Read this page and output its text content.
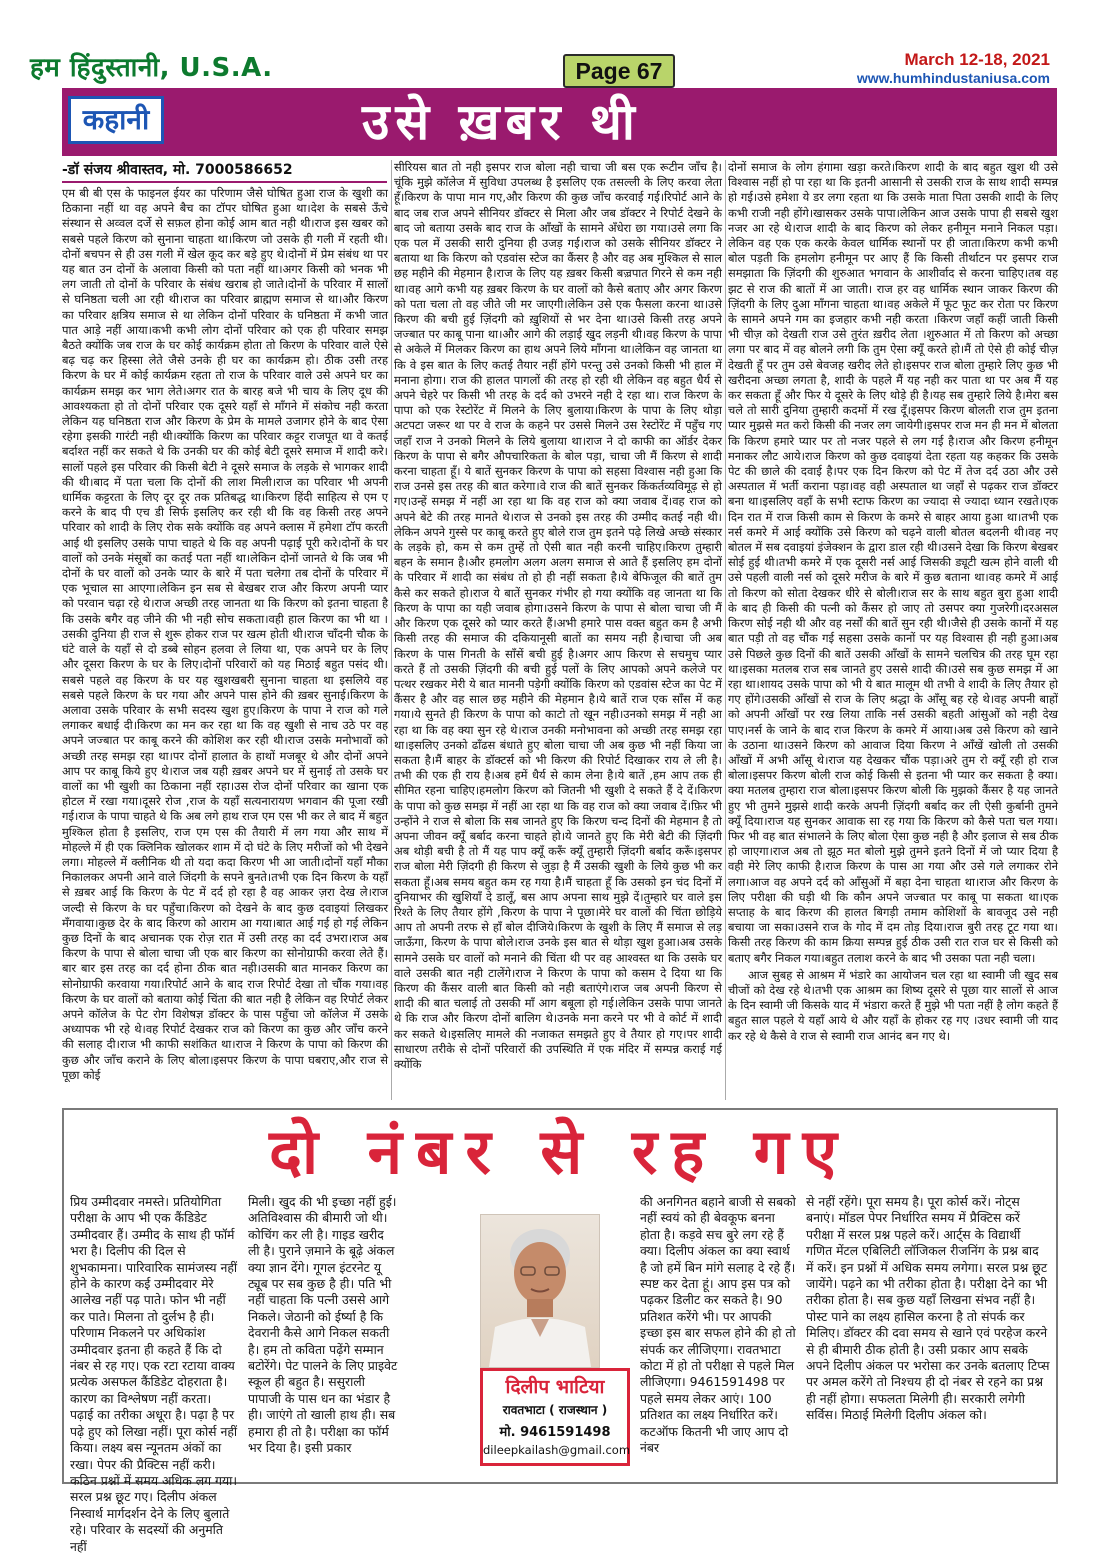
हम हिंदुस्तानी, U.S.A.	Page 67	March 12-18, 2021
www.humhindustaniusa.com
कहानी	उसे ख़बर थी
-डॉ संजय श्रीवास्तव, मो. 7000586652
एम बी बी एस के फाइनल ईयर का परिणाम जैसे घोषित हुआ राज के खुशी का ठिकाना नहीं था वह अपने बैच का टॉपर घोषित हुआ था।देश के सबसे ऊँचे संस्थान से अव्वल दर्जे से सफ़ल होना कोई आम बात नही थी।राज इस खबर को सबसे पहले किरण को सुनाना चाहता था।किरण जो उसके ही गली में रहती थी।दोनों बचपन से ही उस गली में खेल कूद कर बड़े हुए थे।दोनों में प्रेम संबंध था पर यह बात उन दोनों के अलावा किसी को पता नहीं था।अगर किसी को भनक भी लग जाती तो दोनों के परिवार के संबंध खराब हो जाते।दोनों के परिवार में सालों से घनिष्ठता चली आ रही थी।राज का परिवार ब्राह्मण समाज से था।और किरण का परिवार क्षत्रिय समाज से था लेकिन दोनों परिवार के घनिष्ठता में कभी जात पात आड़े नहीं आया।कभी कभी लोग दोनों परिवार को एक ही परिवार समझ बैठते क्योंकि जब राज के घर कोई कार्यक्रम होता तो किरण के परिवार वाले ऐसे बढ़ चढ़ कर हिस्सा लेते जैसे उनके ही घर का कार्यक्रम हो। ठीक उसी तरह किरण के घर में कोई कार्यक्रम रहता तो राज के परिवार वाले उसे अपने घर का कार्यक्रम समझ कर भाग लेते।अगर रात के बारह बजे भी चाय के लिए दूध की आवश्यकता हो तो दोनों परिवार एक दूसरे यहाँ से माँगने में संकोच नही करता लेकिन यह घनिष्ठता राज और किरण के प्रेम के मामले उजागर होने के बाद ऐसा रहेगा इसकी गारंटी नही थी।क्योंकि किरण का परिवार कट्टर राजपूत था वे कतई बर्दाश्त नहीं कर सकते थे कि उनकी घर की कोई बेटी दूसरे समाज में शादी करे।सालों पहले इस परिवार की किसी बेटी ने दूसरे समाज के लड़के से भागकर शादी की थी।बाद में पता चला कि दोनों की लाश मिली।राज का परिवार भी अपनी धार्मिक कट्टरता के लिए दूर दूर तक प्रतिबद्ध था।किरण हिंदी साहित्य से एम ए करने के बाद पी एच डी सिर्फ इसलिए कर रही थी कि वह किसी तरह अपने परिवार को शादी के लिए रोक सके क्योंकि वह अपने क्लास में हमेशा टॉप करती आई थी इसलिए उसके पापा चाहते थे कि वह अपनी पढ़ाई पूरी करे।दोनों के घर वालों को उनके मंसूबों का कतई पता नहीं था।लेकिन दोनों जानते थे कि जब भी दोनों के घर वालों को उनके प्यार के बारे में पता चलेगा तब दोनों के परिवार में एक भूचाल सा आएगा।लेकिन इन सब से बेखबर राज और किरण अपनी प्यार को परवान चढ़ा रहे थे।राज अच्छी तरह जानता था कि किरण को इतना चाहता है कि उसके बगैर वह जीने की भी नही सोच सकता।वही हाल किरण का भी था ।उसकी दुनिया ही राज से शुरू होकर राज पर खत्म होती थी।राज चाँदनी चौक के घंटे वाले के यहाँ से दो डब्बे सोहन हलवा ले लिया था, एक अपने घर के लिए और दूसरा किरण के घर के लिए।दोनों परिवारों को यह मिठाई बहुत पसंद थी।सबसे पहले वह किरण के घर यह खुशखबरी सुनाना चाहता था इसलिये वह सबसे पहले किरण के घर गया और अपने पास होने की ख़बर सुनाई।किरण के अलावा उसके परिवार के सभी सदस्य खुश हुए।किरण के पापा ने राज को गले लगाकर बधाई दी।किरण का मन कर रहा था कि वह खुशी से नाच उठे पर वह अपने जज्बात पर काबू करने की कोशिश कर रही थी।राज उसके मनोभावों को अच्छी तरह समझ रहा था।पर दोनों हालात के हाथों मजबूर थे और दोनों अपने आप पर काबू किये हुए थे।राज जब यही ख़बर अपने घर में सुनाई तो उसके घर वालों का भी खुशी का ठिकाना नहीं रहा।उस रोज दोनों परिवार का खाना एक होटल में रखा गया।दूसरे रोज ,राज के यहाँ सत्यनारायण भगवान की पूजा रखी गई।राज के पापा चाहते थे कि अब लगे हाथ राज एम एस भी कर ले बाद में बहुत मुश्किल होता है इसलिए, राज एम एस की तैयारी में लग गया और साथ में मोहल्ले में ही एक क्लिनिक खोलकर शाम में दो घंटे के लिए मरीजों को भी देखने लगा। मोहल्ले में क्लीनिक थी तो यदा कदा किरण भी आ जाती।दोनों यहाँ मौका निकालकर अपनी आने वाले जिंदगी के सपने बुनते।तभी एक दिन किरण के यहाँ से ख़बर आई कि किरण के पेट में दर्द हो रहा है वह आकर ज़रा देख ले।राज जल्दी से किरण के घर पहुँचा।किरण को देखने के बाद कुछ दवाइयां लिखकर मँगवाया।कुछ देर के बाद किरण को आराम आ गया।बात आई गई हो गई लेकिन कुछ दिनों के बाद अचानक एक रोज़ रात में उसी तरह का दर्द उभरा।राज अब किरण के पापा से बोला चाचा जी एक बार किरण का सोनोग्राफी करवा लेते हैं।बार बार इस तरह का दर्द होना ठीक बात नही।उसकी बात मानकर किरण का सोनोग्राफी करवाया गया।रिपोर्ट आने के बाद राज रिपोर्ट देखा तो चौंक गया।वह किरण के घर वालों को बताया कोई चिंता की बात नही है लेकिन वह रिपोर्ट लेकर अपने कॉलेज के पेट रोग विशेषज्ञ डॉक्टर के पास पहुँचा जो कॉलेज में उसके अध्यापक भी रहे थे।वह रिपोर्ट देखकर राज को किरण का कुछ और जाँच करने की सलाह दी।राज भी काफी सशंकित था।राज ने किरण के पापा को किरण की कुछ और जाँच कराने के लिए बोला।इसपर किरण के पापा घबराए,और राज से पूछा कोई
सीरियस बात तो नही इसपर राज बोला नही चाचा जी बस एक रूटीन जाँच है।चूंकि मुझे कॉलेज में सुविधा उपलब्ध है इसलिए एक तसल्ली के लिए करवा लेता हूँ।किरण के पापा मान गए,और किरण की कुछ जाँच करवाई गई।रिपोर्ट आने के बाद जब राज अपने सीनियर डॉक्टर से मिला और जब डॉक्टर ने रिपोर्ट देखने के बाद जो बताया उसके बाद राज के आँखों के सामने अँधेरा छा गया।उसे लगा कि एक पल में उसकी सारी दुनिया ही उजड़ गई।राज को उसके सीनियर डॉक्टर ने बताया था कि किरण को एडवांस स्टेज का कैंसर है और वह अब मुश्किल से साल छह महीने की मेहमान है।राज के लिए यह ख़बर किसी बज़्रपात गिरने से कम नही था।वह आगे कभी यह ख़बर किरण के घर वालों को कैसे बताए और अगर किरण को पता चला तो वह जीते जी मर जाएगी।लेकिन उसे एक फैसला करना था।उसे किरण की बची हुई ज़िंदगी को ख़ुशियों से भर देना था।उसे किसी तरह अपने जज्बात पर काबू पाना था।और आगे की लड़ाई खुद लड़नी थी।वह किरण के पापा से अकेले में मिलकर किरण का हाथ अपने लिये माँगना था।लेकिन वह जानता था कि वे इस बात के लिए कतई तैयार नहीं होंगे परन्तु उसे उनको किसी भी हाल में मनाना होगा। राज की हालत पागलों की तरह हो रही थी लेकिन वह बहुत धैर्य से अपने चेहरे पर किसी भी तरह के दर्द को उभरने नही दे रहा था। राज किरण के पापा को एक रेस्टोरेंट में मिलने के लिए बुलाया।किरण के पापा के लिए थोड़ा अटपटा जरूर था पर वे राज के कहने पर उससे मिलने उस रेस्टोरेंट में पहुँच गए जहाँ राज ने उनको मिलने के लिये बुलाया था।राज ने दो काफी का ऑर्डर देकर किरण के पापा से बगैर औपचारिकता के बोल पड़ा, चाचा जी मैं किरण से शादी करना चाहता हूँ। ये बातें सुनकर किरण के पापा को सहसा विश्वास नही हुआ कि राज उनसे इस तरह की बात करेगा।वे राज की बातें सुनकर किंकर्तव्यविमूढ़ से हो गए।उन्हें समझ में नहीं आ रहा था कि वह राज को क्या जवाब दें।वह राज को अपने बेटे की तरह मानते थे।राज से उनको इस तरह की उम्मीद कतई नही थी।लेकिन अपने गुस्से पर काबू करते हुए बोले राज तुम इतने पढ़े लिखे अच्छे संस्कार के लड़के हो, कम से कम तुम्हें तो ऐसी बात नही करनी चाहिए।किरण तुम्हारी बहन के समान है।और हमलोग अलग अलग समाज से आते हैं इसलिए हम दोनों के परिवार में शादी का संबंध तो हो ही नहीं सकता है।ये बेफिजूल की बातें तुम कैसे कर सकते हो।राज ये बातें सुनकर गंभीर हो गया क्योंकि वह जानता था कि किरण के पापा का यही जवाब होगा।उसने किरण के पापा से बोला चाचा जी मैं और किरण एक दूसरे को प्यार करते हैं।अभी हमारे पास वक्त बहुत कम है अभी किसी तरह की समाज की दकियानूसी बातों का समय नही है।चाचा जी अब किरण के पास गिनती के साँसें बची हुई है।अगर आप किरण से सचमुच प्यार करते हैं तो उसकी ज़िंदगी की बची हुई पलों के लिए आपको अपने कलेजे पर पत्थर रखकर मेरी ये बात माननी पड़ेगी क्योंकि किरण को एडवांस स्टेज का पेट में कैंसर है और वह साल छह महीने की मेहमान है।ये बातें राज एक साँस में कह गया।ये सुनते ही किरण के पापा को काटो तो खून नही।उनको समझ में नही आ रहा था कि वह क्या सुन रहे थे।राज उनकी मनोभावना को अच्छी तरह समझ रहा था।इसलिए उनको ढाँढस बंधाते हुए बोला चाचा जी अब कुछ भी नहीं किया जा सकता है।मैं बाहर के डॉक्टर्स को भी किरण की रिपोर्ट दिखाकर राय ले ली है।तभी की एक ही राय है।अब हमें धैर्य से काम लेना है।ये बातें ,हम आप तक ही सीमित रहना चाहिए।हमलोग किरण को जितनी भी खुशी दे सकते हैं दे दें।किरण के पापा को कुछ समझ में नहीं आ रहा था कि वह राज को क्या जवाब दें।फ़िर भी उन्होंने ने राज से बोला कि सब जानते हुए कि किरण चन्द दिनों की मेहमान है तो अपना जीवन क्यूँ बर्बाद करना चाहते हो।ये जानते हुए कि मेरी बेटी की ज़िंदगी अब थोड़ी बची है तो मैं यह पाप क्यूँ करूँ क्यूँ तुम्हारी ज़िंदगी बर्बाद करूँ।इसपर राज बोला मेरी ज़िंदगी ही किरण से जुड़ा है मैं उसकी खुशी के लिये कुछ भी कर सकता हूँ।अब समय बहुत कम रह गया है।मैं चाहता हूँ कि उसको इन चंद दिनों में दुनियाभर की खुशियाँ दे डालूँ, बस आप अपना साथ मुझे दें।तुम्हारे घर वाले इस रिश्ते के लिए तैयार होंगे ,किरण के पापा ने पूछा।मेरे घर वालों की चिंता छोड़िये आप तो अपनी तरफ से हाँ बोल दीजिये।किरण के खुशी के लिए मैं समाज से लड़ जाऊँगा, किरण के पापा बोले।राज उनके इस बात से थोड़ा खुश हुआ।अब उसके सामने उसके घर वालों को मनाने की चिंता थी पर वह आश्वस्त था कि उसके घर वाले उसकी बात नही टालेंगे।राज ने किरण के पापा को कसम दे दिया था कि किरण की कैंसर वाली बात किसी को नही बताएंगे।राज जब अपनी किरण से शादी की बात चलाई तो उसकी माँ आग बबूला हो गई।लेकिन उसके पापा जानते थे कि राज और किरण दोनों बालिग थे।उनके मना करने पर भी वे कोर्ट में शादी कर सकते थे।इसलिए मामले की नजाकत समझते हुए वे तैयार हो गए।पर शादी साधारण तरीके से दोनों परिवारों की उपस्थिति में एक मंदिर में सम्पन्न कराई गई क्योंकि
दोनों समाज के लोग हंगामा खड़ा करते।किरण शादी के बाद बहुत खुश थी उसे विश्वास नहीं हो पा रहा था कि इतनी आसानी से उसकी राज के साथ शादी सम्पन्न हो गई।उसे हमेशा ये डर लगा रहता था कि उसके माता पिता उसकी शादी के लिए कभी राजी नही होंगे।खासकर उसके पापा।लेकिन आज उसके पापा ही सबसे खुश नजर आ रहे थे।राज शादी के बाद किरण को लेकर हनीमून मनाने निकल पड़ा।लेकिन वह एक एक करके केवल धार्मिक स्थानों पर ही जाता।किरण कभी कभी बोल पड़ती कि हमलोग हनीमून पर आए हैं कि किसी तीर्थाटन पर इसपर राज समझाता कि ज़िंदगी की शुरुआत भगवान के आशीर्वाद से करना चाहिए।तब वह झट से राज की बातों में आ जाती। राज हर वह धार्मिक स्थान जाकर किरण की ज़िंदगी के लिए दुआ माँगना चाहता था।वह अकेले में फूट फूट कर रोता पर किरण के सामने अपने गम का इजहार कभी नही करता ।किरण जहाँ कहीं जाती किसी भी चीज़ को देखती राज उसे तुरंत ख़रीद लेता ।शुरुआत में तो किरण को अच्छा लगा पर बाद में वह बोलने लगी कि तुम ऐसा क्यूँ करते हो।मैं तो ऐसे ही कोई चीज़ देखती हूँ पर तुम उसे बेवजह खरीद लेते हो।इसपर राज बोला तुम्हारे लिए कुछ भी खरीदना अच्छा लगता है, शादी के पहले मैं यह नही कर पाता था पर अब मैं यह कर सकता हूँ और फिर ये दूसरे के लिए थोड़े ही है।यह सब तुम्हारे लिये है।मेरा बस चले तो सारी दुनिया तुम्हारी कदमों में रख दूँ।इसपर किरण बोलती राज तुम इतना प्यार मुझसे मत करो किसी की नजर लग जायेगी।इसपर राज मन ही मन में बोलता कि किरण हमारे प्यार पर तो नजर पहले से लग गई है।राज और किरण हनीमून मनाकर लौट आये।राज किरण को कुछ दवाइयां देता रहता यह कहकर कि उसके पेट की छाले की दवाई है।पर एक दिन किरण को पेट में तेज दर्द उठा और उसे अस्पताल में भर्ती कराना पड़ा।वह वही अस्पताल था जहाँ से पढ़कर राज डॉक्टर बना था।इसलिए वहाँ के सभी स्टाफ किरण का ज्यादा से ज्यादा ध्यान रखते।एक दिन रात में राज किसी काम से किरण के कमरे से बाहर आया हुआ था।तभी एक नर्स कमरे में आई क्योंकि उसे किरण को चढ़ने वाली बोतल बदलनी थी।वह नए बोतल में सब दवाइयां इंजेक्शन के द्वारा डाल रही थी।उसने देखा कि किरण बेखबर सोई हुई थी।तभी कमरे में एक दूसरी नर्स आई जिसकी ड्यूटी खत्म होने वाली थी उसे पहली वाली नर्स को दूसरे मरीज के बारे में कुछ बताना था।वह कमरे में आई तो किरण को सोता देखकर धीरे से बोली।राज सर के साथ बहुत बुरा हुआ शादी के बाद ही किसी की पत्नी को कैंसर हो जाए तो उसपर क्या गुजरेगी।दरअसल किरण सोई नही थी और वह नर्सों की बातें सुन रही थी।जैसे ही उसके कानों में यह बात पड़ी तो वह चौंक गई सहसा उसके कानों पर यह विश्वास ही नही हुआ।अब उसे पिछले कुछ दिनों की बातें उसकी आँखों के सामने चलचित्र की तरह घूम रहा था।इसका मतलब राज सब जानते हुए उससे शादी की।उसे सब कुछ समझ में आ रहा था।शायद उसके पापा को भी ये बात मालूम थी तभी वे शादी के लिए तैयार हो गए होंगे।उसकी आँखों से राज के लिए श्रद्धा के आँसू बह रहे थे।वह अपनी बाहों को अपनी आँखों पर रख लिया ताकि नर्स उसकी बहती आंसुओं को नही देख पाए।नर्स के जाने के बाद राज किरण के कमरे में आया।अब उसे किरण को खाने के उठाना था।उसने किरण को आवाज दिया किरण ने आँखें खोली तो उसकी आँखों में अभी आँसू थे।राज यह देखकर चौंक पड़ा।अरे तुम रो क्यूँ रही हो राज बोला।इसपर किरण बोली राज कोई किसी से इतना भी प्यार कर सकता है क्या।क्या मतलब तुम्हारा राज बोला।इसपर किरण बोली कि मुझको कैंसर है यह जानते हुए भी तुमने मुझसे शादी करके अपनी ज़िंदगी बर्बाद कर ली ऐसी कुर्बानी तुमने क्यूँ दिया।राज यह सुनकर आवाक सा रह गया कि किरण को कैसे पता चल गया।फिर भी वह बात संभालने के लिए बोला ऐसा कुछ नही है और इलाज से सब ठीक हो जाएगा।राज अब तो झूठ मत बोलो मुझे तुमने इतने दिनों में जो प्यार दिया है वही मेरे लिए काफी है।राज किरण के पास आ गया और उसे गले लगाकर रोने लगा।आज वह अपने दर्द को आँसुओं में बहा देना चाहता था।राज और किरण के लिए परीक्षा की घड़ी थी कि कौन अपने जज्बात पर काबू पा सकता था।एक सप्ताह के बाद किरण की हालत बिगड़ी तमाम कोशिशों के बावजूद उसे नही बचाया जा सका।उसने राज के गोद में दम तोड़ दिया।राज बुरी तरह टूट गया था।किसी तरह किरण की काम क्रिया सम्पन्न हुई ठीक उसी रात राज घर से किसी को बताए बगैर निकल गया।बहुत तलाश करने के बाद भी उसका पता नही चला।
आज सुबह से आश्रम में भंडारे का आयोजन चल रहा था स्वामी जी खुद सब चीजों को देख रहे थे।तभी एक आश्रम का शिष्य दूसरे से पूछा यार सालों से आज के दिन स्वामी जी किसके याद में भंडारा करते हैं मुझे भी पता नहीं है लोग कहते हैं बहुत साल पहले ये यहाँ आये थे और यहाँ के होकर रह गए ।उधर स्वामी जी याद कर रहे थे कैसे वे राज से स्वामी राज आनंद बन गए थे।
दो नंबर से रह गए
प्रिय उम्मीदवार नमस्ते। प्रतियोगिता परीक्षा के आप भी एक कैंडिडेट उम्मीदवार हैं। उम्मीद के साथ ही फॉर्म भरा है। दिलीप की दिल से शुभकामना। पारिवारिक सामंजस्य नहीं होने के कारण कई उम्मीदवार मेरे आलेख नहीं पढ़ पाते। फोन भी नहीं कर पाते। मिलना तो दुर्लभ है ही। परिणाम निकलने पर अधिकांश उम्मीदवार इतना ही कहते हैं कि दो नंबर से रह गए। एक रटा रटाया वाक्य प्रत्येक असफल कैंडिडेट दोहराता है। कारण का विश्लेषण नहीं करता। पढ़ाई का तरीका अधूरा है। पढ़ा है पर पढ़े हुए को लिखा नहीं। पूरा कोर्स नहीं किया। लक्ष्य बस न्यूनतम अंकों का रखा। पेपर की प्रैक्टिस नहीं करी। कठिन प्रश्नों में समय अधिक लग गया। सरल प्रश्न छूट गए। दिलीप अंकल निस्वार्थ मार्गदर्शन देने के लिए बुलाते रहे। परिवार के सदस्यों की अनुमति नहीं
मिली। खुद की भी इच्छा नहीं हुई। अतिविश्वास की बीमारी जो थी। कोचिंग कर ली है। गाइड खरीद ली है। पुराने ज़माने के बूढ़े अंकल क्या ज्ञान देंगे। गूगल इंटरनेट यू ट्यूब पर सब कुछ है ही। पति भी नहीं चाहता कि पत्नी उससे आगे निकले। जेठानी को ईर्ष्या है कि देवरानी कैसे आगे निकल सकती है। हम तो कविता पढ़ेंगे सम्मान बटोरेंगे। पेट पालने के लिए प्राइवेट स्कूल ही बहुत है। ससुराली पापाजी के पास धन का भंडार है ही। जाएंगे तो खाली हाथ ही। सब हमारा ही तो है। परीक्षा का फॉर्म भर दिया है। इसी प्रकार
दिलीप भाटिया
रावतभाटा ( राजस्थान )
मो. 9461591498
dileepkailash@gmail.com
की अनगिनत बहाने बाजी से सबको नहीं स्वयं को ही बेवकूफ बनना होता है। कड़वे सच बुरे लग रहे हैं क्या। दिलीप अंकल का क्या स्वार्थ है जो हमें बिन मांगे सलाह दे रहे हैं। स्पष्ट कर देता हूं। आप इस पत्र को पढ़कर डिलीट कर सकते है। 90 प्रतिशत करेंगे भी। पर आपकी इच्छा इस बार सफल होने की हो तो संपर्क कर लीजिएगा। रावतभाटा कोटा में हो तो परीक्षा से पहले मिल लीजिएगा। 9461591498 पर पहले समय लेकर आएं। 100 प्रतिशत का लक्ष्य निर्धारित करें। कटऑफ कितनी भी जाए आप दो नंबर
से नहीं रहेंगे। पूरा समय है। पूरा कोर्स करें। नोट्स बनाएं। मॉडल पेपर निर्धारित समय में प्रैक्टिस करें परीक्षा में सरल प्रश्न पहले करें। आर्ट्स के विद्यार्थी गणित मेंटल एबिलिटी लॉजिकल रीजनिंग के प्रश्न बाद में करें। इन प्रश्नों में अधिक समय लगेगा। सरल प्रश्न छूट जायेंगे। पढ़ने का भी तरीका होता है। परीक्षा देने का भी तरीका होता है। सब कुछ यहाँ लिखना संभव नहीं है। पोस्ट पाने का लक्ष्य हासिल करना है तो संपर्क कर मिलिए। डॉक्टर की दवा समय से खाने एवं परहेज करने से ही बीमारी ठीक होती है। उसी प्रकार आप सबके अपने दिलीप अंकल पर भरोसा कर उनके बतलाए टिप्स पर अमल करेंगे तो निश्चय ही दो नंबर से रहने का प्रश्न ही नहीं होगा। सफलता मिलेगी ही। सरकारी लगेगी सर्विस। मिठाई मिलेगी दिलीप अंकल को।
